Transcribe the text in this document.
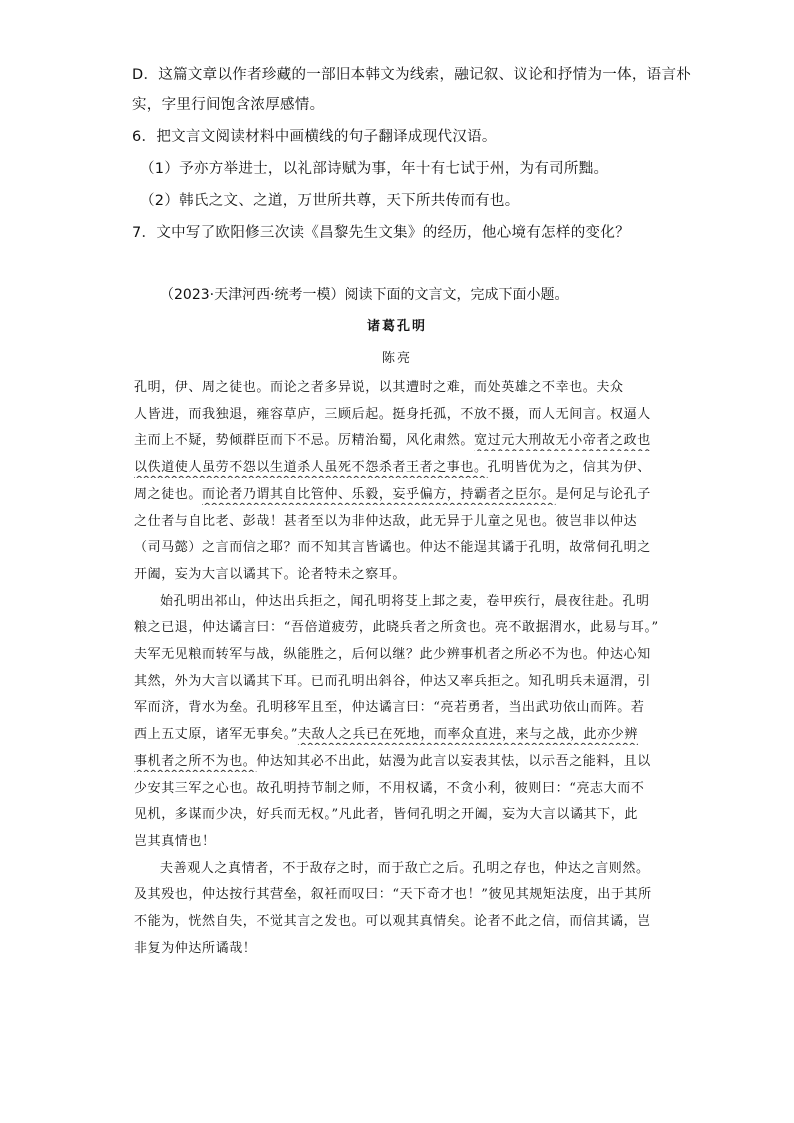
D．这篇文章以作者珍藏的一部旧本韩文为线索，融记叙、议论和抒情为一体，语言朴
实，字里行间饱含浓厚感情。
6．把文言文阅读材料中画横线的句子翻译成现代汉语。
（1）予亦方举进士，以礼部诗赋为事，年十有七试于州，为有司所黜。
（2）韩氏之文、之道，万世所共尊，天下所共传而有也。
7．文中写了欧阳修三次读《昌黎先生文集》的经历，他心境有怎样的变化？
（2023·天津河西·统考一模）阅读下面的文言文，完成下面小题。
诸葛孔明
陈亮
孔明，伊、周之徒也。而论之者多异说，以其遭时之难，而处英雄之不幸也。夫众
人皆进，而我独退，雍容草庐，三顾后起。挺身托孤，不放不摄，而人无间言。权逼人
主而上不疑，势倾群臣而下不忌。厉精治蜀，风化肃然。宽过元大刑故无小帝者之政也
以佚道使人虽劳不怨以生道杀人虽死不怨杀者王者之事也。孔明皆优为之，信其为伊、
周之徒也。而论者乃谓其自比管仲、乐毅，妄乎偏方，持霸者之臣尔。是何足与论孔子
之仕者与自比老、彭哉！甚者至以为非仲达敌，此无异于儿童之见也。彼岂非以仲达
（司马懿）之言而信之耶？而不知其言皆谲也。仲达不能逞其谲于孔明，故常伺孔明之
开阖，妄为大言以谲其下。论者特未之察耳。
始孔明出祁山，仲达出兵拒之，闻孔明将芟上邽之麦，卷甲疾行，晨夜往赴。孔明
粮之已退，仲达谲言曰：“吾倍道疲劳，此晓兵者之所贪也。亮不敢据渭水，此易与耳。”
夫军无见粮而转军与战，纵能胜之，后何以继？此少辨事机者之所必不为也。仲达心知
其然，外为大言以谲其下耳。已而孔明出斜谷，仲达又率兵拒之。知孔明兵未逼渭，引
军而济，背水为垒。孔明移军且至，仲达谲言曰：“亮若勇者，当出武功依山而阵。若
西上五丈原，诸军无事矣。”夫敌人之兵已在死地，而率众直进，来与之战，此亦少辨
事机者之所不为也。仲达知其必不出此，姑漫为此言以妄表其怯，以示吾之能料，且以
少安其三军之心也。故孔明持节制之师，不用权谲，不贪小利，彼则曰：“亮志大而不
见机，多谋而少决，好兵而无权。”凡此者，皆伺孔明之开阖，妄为大言以谲其下，此
岂其真情也！
夫善观人之真情者，不于敌存之时，而于敌亡之后。孔明之存也，仲达之言则然。
及其殁也，仲达按行其营垒，叙衽而叹曰：“天下奇才也！”彼见其规矩法度，出于其所
不能为，恍然自失，不觉其言之发也。可以观其真情矣。论者不此之信，而信其谲，岂
非复为仲达所谲哉！
